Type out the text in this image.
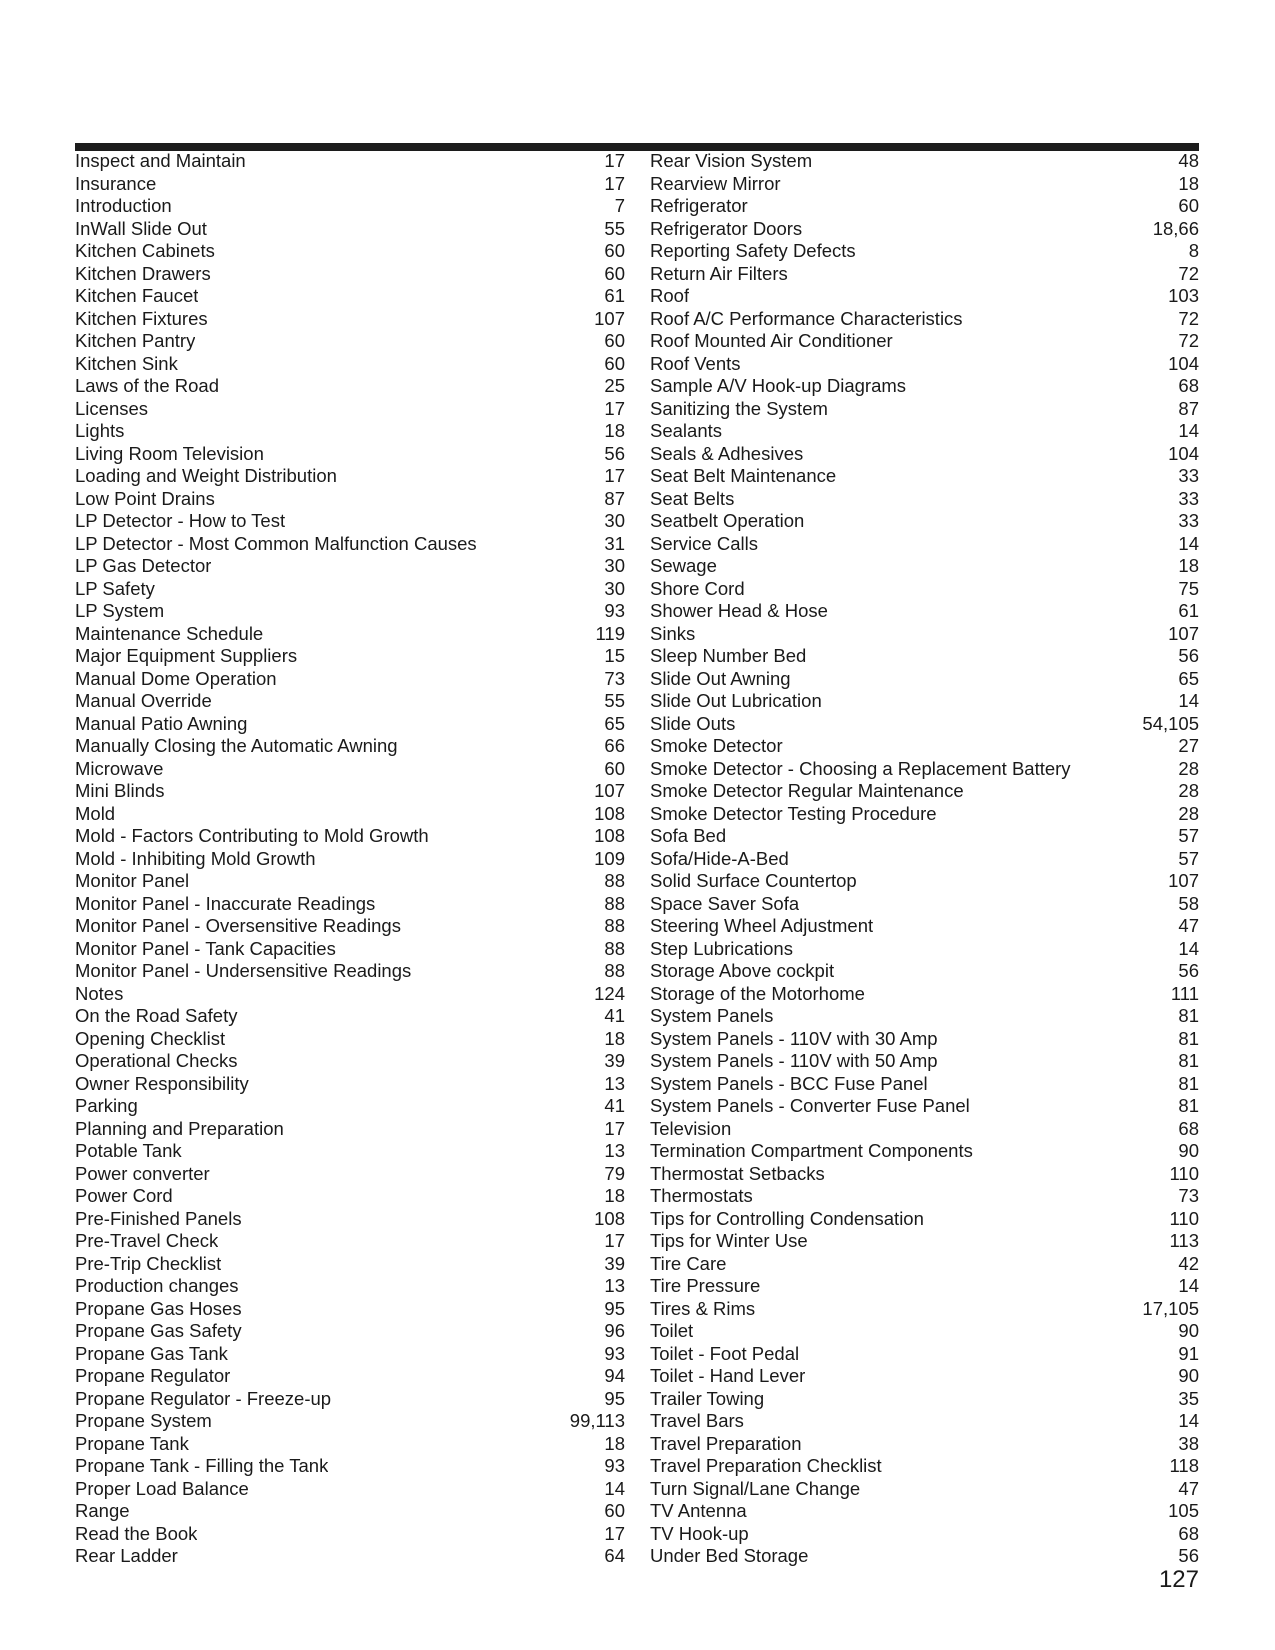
Inspect and Maintain	17
Insurance	17
Introduction	7
InWall Slide Out	55
Kitchen Cabinets	60
Kitchen Drawers	60
Kitchen Faucet	61
Kitchen Fixtures	107
Kitchen Pantry	60
Kitchen Sink	60
Laws of the Road	25
Licenses	17
Lights	18
Living Room Television	56
Loading and Weight Distribution	17
Low Point Drains	87
LP Detector - How to Test	30
LP Detector - Most Common Malfunction Causes	31
LP Gas Detector	30
LP Safety	30
LP System	93
Maintenance Schedule	119
Major Equipment Suppliers	15
Manual Dome Operation	73
Manual Override	55
Manual Patio Awning	65
Manually Closing the Automatic Awning	66
Microwave	60
Mini Blinds	107
Mold	108
Mold - Factors Contributing to Mold Growth	108
Mold - Inhibiting Mold Growth	109
Monitor Panel	88
Monitor Panel - Inaccurate Readings	88
Monitor Panel - Oversensitive Readings	88
Monitor Panel - Tank Capacities	88
Monitor Panel - Undersensitive Readings	88
Notes	124
On the Road Safety	41
Opening Checklist	18
Operational Checks	39
Owner Responsibility	13
Parking	41
Planning and Preparation	17
Potable Tank	13
Power converter	79
Power Cord	18
Pre-Finished Panels	108
Pre-Travel Check	17
Pre-Trip Checklist	39
Production changes	13
Propane Gas Hoses	95
Propane Gas Safety	96
Propane Gas Tank	93
Propane Regulator	94
Propane Regulator - Freeze-up	95
Propane System	99,113
Propane Tank	18
Propane Tank - Filling the Tank	93
Proper Load Balance	14
Range	60
Read the Book	17
Rear Ladder	64
Rear Vision System	48
Rearview Mirror	18
Refrigerator	60
Refrigerator Doors	18,66
Reporting Safety Defects	8
Return Air Filters	72
Roof	103
Roof A/C Performance Characteristics	72
Roof Mounted Air Conditioner	72
Roof Vents	104
Sample A/V Hook-up Diagrams	68
Sanitizing the System	87
Sealants	14
Seals & Adhesives	104
Seat Belt Maintenance	33
Seat Belts	33
Seatbelt Operation	33
Service Calls	14
Sewage	18
Shore Cord	75
Shower Head & Hose	61
Sinks	107
Sleep Number Bed	56
Slide Out Awning	65
Slide Out Lubrication	14
Slide Outs	54,105
Smoke Detector	27
Smoke Detector - Choosing a Replacement Battery	28
Smoke Detector Regular Maintenance	28
Smoke Detector Testing Procedure	28
Sofa Bed	57
Sofa/Hide-A-Bed	57
Solid Surface Countertop	107
Space Saver Sofa	58
Steering Wheel Adjustment	47
Step Lubrications	14
Storage Above cockpit	56
Storage of the Motorhome	111
System Panels	81
System Panels - 110V with 30 Amp	81
System Panels - 110V with 50 Amp	81
System Panels - BCC Fuse Panel	81
System Panels - Converter Fuse Panel	81
Television	68
Termination Compartment Components	90
Thermostat Setbacks	110
Thermostats	73
Tips for Controlling Condensation	110
Tips for Winter Use	113
Tire Care	42
Tire Pressure	14
Tires & Rims	17,105
Toilet	90
Toilet - Foot Pedal	91
Toilet - Hand Lever	90
Trailer Towing	35
Travel Bars	14
Travel Preparation	38
Travel Preparation Checklist	118
Turn Signal/Lane Change	47
TV Antenna	105
TV Hook-up	68
Under Bed Storage	56
127
